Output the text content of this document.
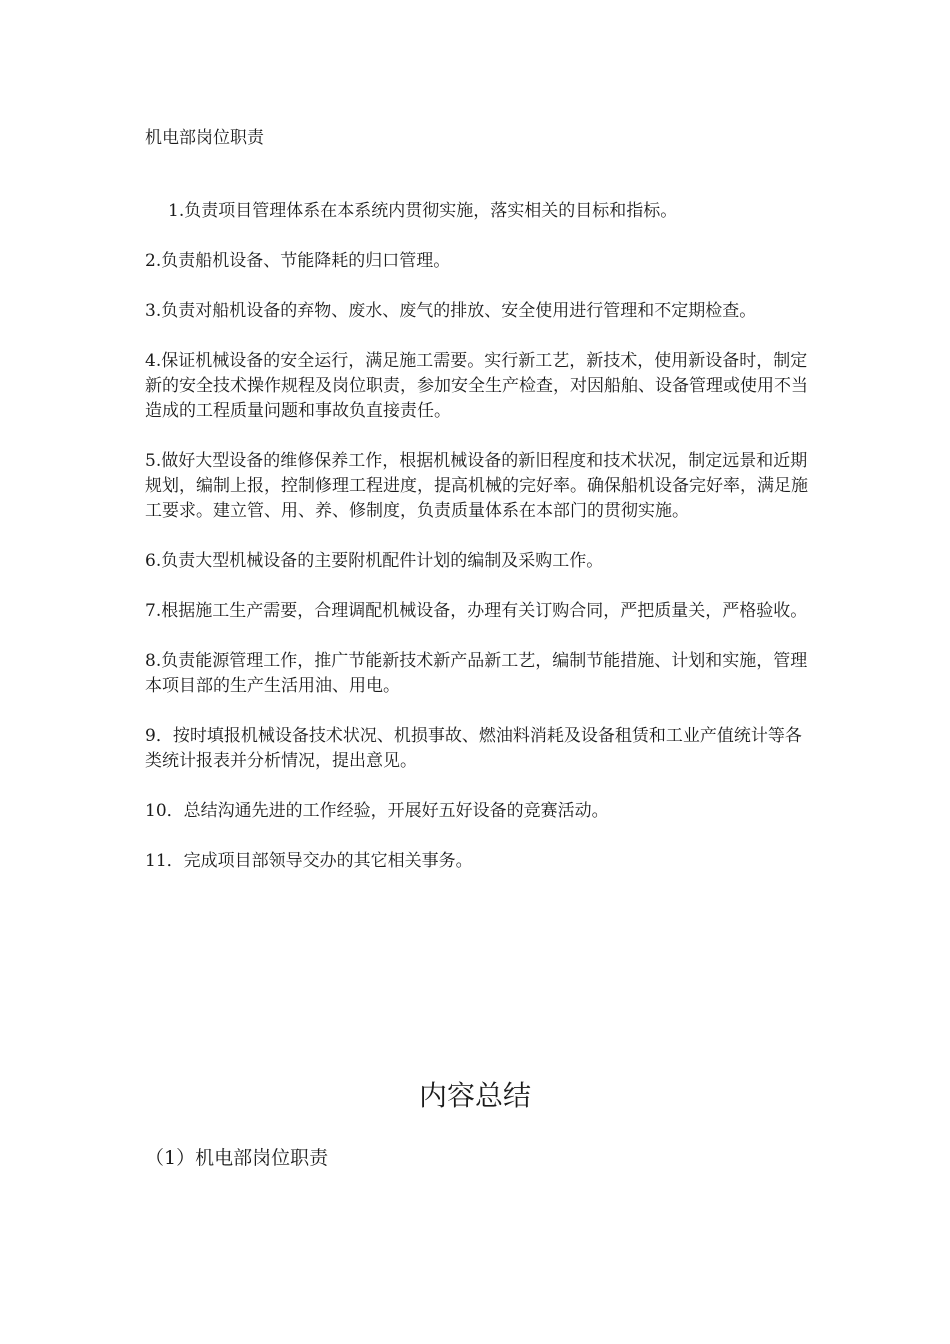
机电部岗位职责
1.负责项目管理体系在本系统内贯彻实施，落实相关的目标和指标。
2.负责船机设备、节能降耗的归口管理。
3.负责对船机设备的弃物、废水、废气的排放、安全使用进行管理和不定期检查。
4.保证机械设备的安全运行，满足施工需要。实行新工艺，新技术，使用新设备时，制定新的安全技术操作规程及岗位职责，参加安全生产检查，对因船舶、设备管理或使用不当造成的工程质量问题和事故负直接责任。
5.做好大型设备的维修保养工作，根据机械设备的新旧程度和技术状况，制定远景和近期规划，编制上报，控制修理工程进度，提高机械的完好率。确保船机设备完好率，满足施工要求。建立管、用、养、修制度，负责质量体系在本部门的贯彻实施。
6.负责大型机械设备的主要附机配件计划的编制及采购工作。
7.根据施工生产需要，合理调配机械设备，办理有关订购合同，严把质量关，严格验收。
8.负责能源管理工作，推广节能新技术新产品新工艺，编制节能措施、计划和实施，管理本项目部的生产生活用油、用电。
9．按时填报机械设备技术状况、机损事故、燃油料消耗及设备租赁和工业产值统计等各类统计报表并分析情况，提出意见。
10．总结沟通先进的工作经验，开展好五好设备的竞赛活动。
11．完成项目部领导交办的其它相关事务。
内容总结

（1）机电部岗位职责
